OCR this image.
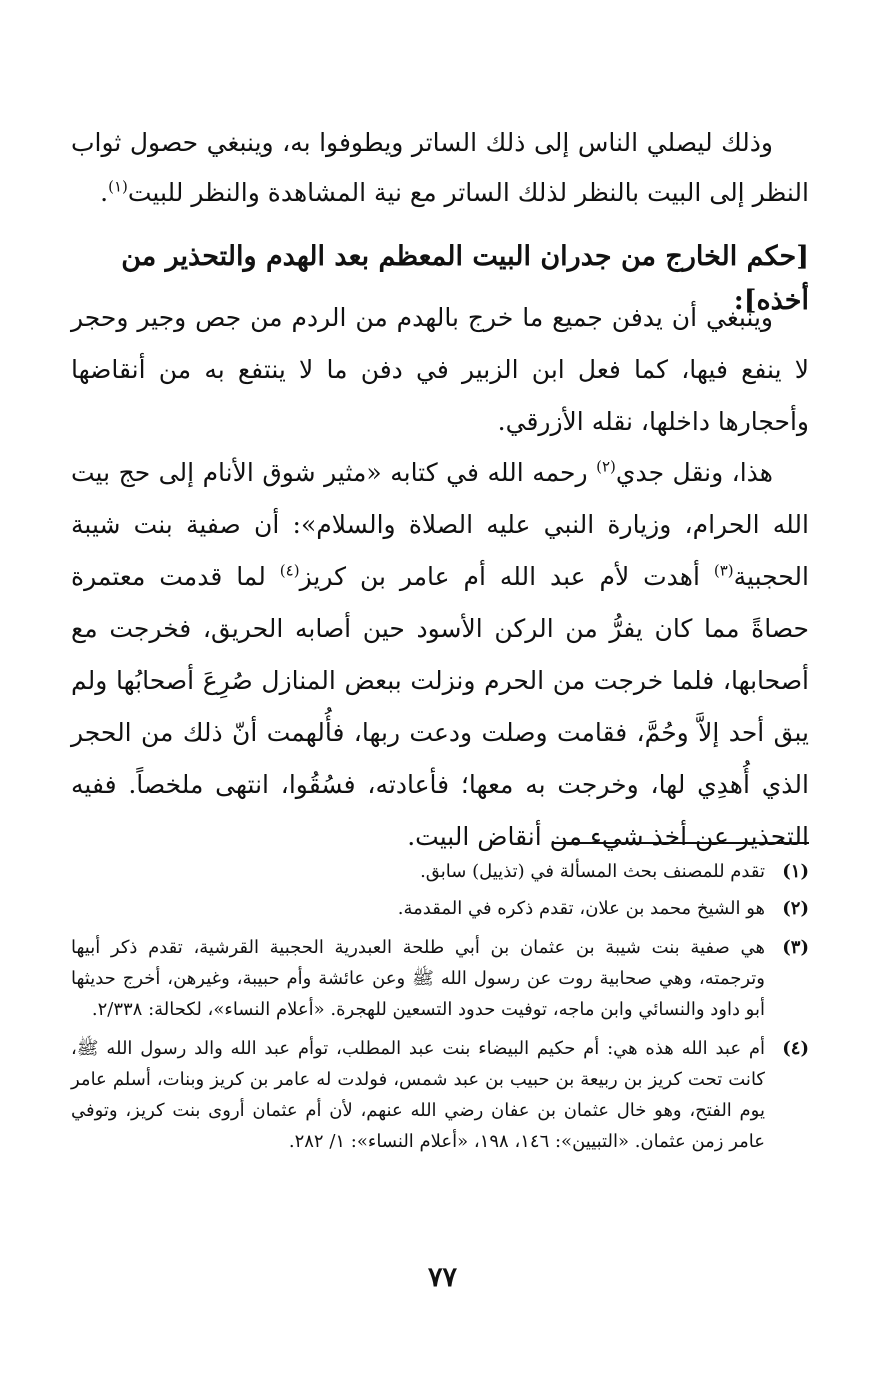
وذلك ليصلي الناس إلى ذلك الساتر ويطوفوا به، وينبغي حصول ثواب النظر إلى البيت بالنظر لذلك الساتر مع نية المشاهدة والنظر للبيت$^{(١)}$.

[حكم الخارج من جدران البيت المعظم بعد الهدم والتحذير من أخذه]:

وينبغي أن يدفن جميع ما خرج بالهدم من الردم من جص وجير وحجر لا ينفع فيها، كما فعل ابن الزبير في دفن ما لا ينتفع به من أنقاضها وأحجارها داخلها، نقله الأزرقي.

هذا، ونقل جدي$^{(٢)}$ رحمه الله في كتابه «مثير شوق الأنام إلى حج بيت الله الحرام، وزيارة النبي عليه الصلاة والسلام»: أن صفية بنت شيبة الحجبية$^{(٣)}$ أهدت لأم عبد الله أم عامر بن كريز$^{(٤)}$ لما قدمت معتمرة حصاةً مما كان يفرُّ من الركن الأسود حين أصابه الحريق، فخرجت مع أصحابها، فلما خرجت من الحرم ونزلت ببعض المنازل صُرِعَ أصحابُها ولم يبق أحد إلاَّ وحُمَّ، فقامت وصلت ودعت ربها، فأُلهمت أنّ ذلك من الحجر الذي أُهدِي لها، وخرجت به معها؛ فأعادته، فسُقُوا، انتهى ملخصاً. ففيه التحذير عن أخذ شيء من أنقاض البيت.

(١)
تقدم للمصنف بحث المسألة في (تذييل) سابق.
(٢)
هو الشيخ محمد بن علان، تقدم ذكره في المقدمة.
(٣)
هي صفية بنت شيبة بن عثمان بن أبي طلحة العبدرية الحجبية القرشية، تقدم ذكر أبيها وترجمته، وهي صحابية روت عن رسول الله ﷺ وعن عائشة وأم حبيبة، وغيرهن، أخرج حديثها أبو داود والنسائي وابن ماجه، توفيت حدود التسعين للهجرة. «أعلام النساء»، لكحالة: ٢/٣٣٨.
(٤)
أم عبد الله هذه هي: أم حكيم البيضاء بنت عبد المطلب، توأم عبد الله والد رسول الله ﷺ، كانت تحت كريز بن ربيعة بن حبيب بن عبد شمس، فولدت له عامر بن كريز وبنات، أسلم عامر يوم الفتح، وهو خال عثمان بن عفان رضي الله عنهم، لأن أم عثمان أروى بنت كريز، وتوفي عامر زمن عثمان. «التبيين»: ١٤٦، ١٩٨، «أعلام النساء»: ١/ ٢٨٢.
٧٧
